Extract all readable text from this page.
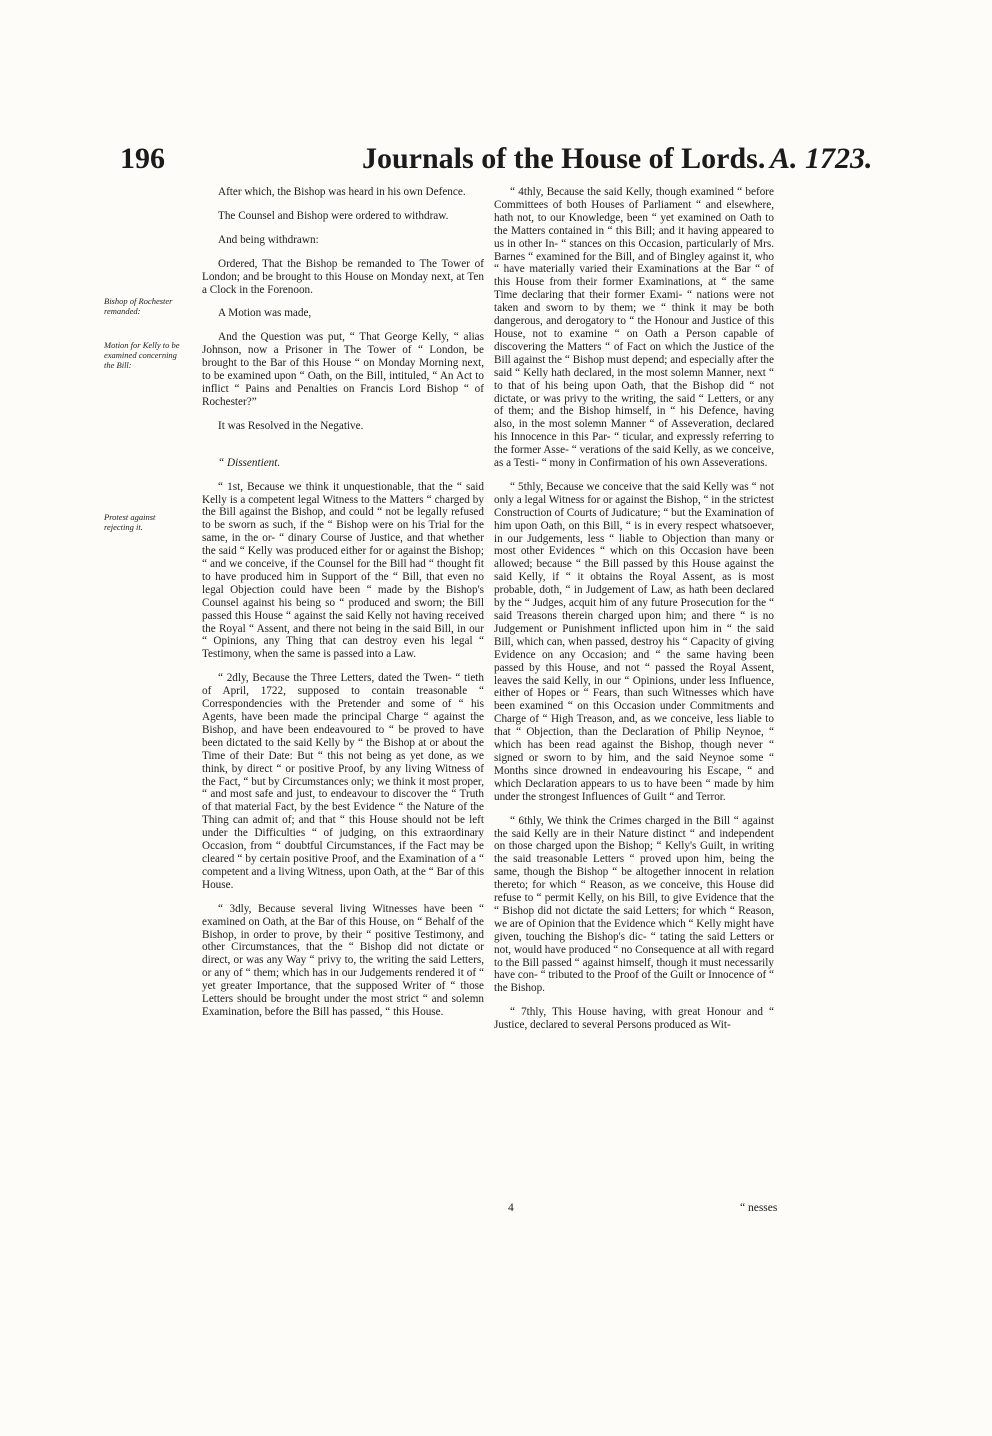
196	Journals of the House of Lords. A. 1723.
Bishop of Rochester remanded:
Motion for Kelly to be examined concerning the Bill:
Protest against rejecting it.

After which, the Bishop was heard in his own Defence.

The Counsel and Bishop were ordered to withdraw.

And being withdrawn:

Ordered, That the Bishop be remanded to The Tower of London; and be brought to this House on Monday next, at Ten a Clock in the Forenoon.

A Motion was made,

And the Question was put, “ That George Kelly, “ alias Johnson, now a Prisoner in The Tower of “ London, be brought to the Bar of this House “ on Monday Morning next, to be examined upon “ Oath, on the Bill, intituled, “ An Act to inflict “ Pains and Penalties on Francis Lord Bishop “ of Rochester?”

It was Resolved in the Negative.

“ Dissentient.

“ 1st, Because we think it unquestionable, that the “ said Kelly is a competent legal Witness to the Matters “ charged by the Bill against the Bishop, and could “ not be legally refused to be sworn as such, if the “ Bishop were on his Trial for the same, in the or- “ dinary Course of Justice, and that whether the said “ Kelly was produced either for or against the Bishop; “ and we conceive, if the Counsel for the Bill had “ thought fit to have produced him in Support of the “ Bill, that even no legal Objection could have been “ made by the Bishop's Counsel against his being so “ produced and sworn; the Bill passed this House “ against the said Kelly not having received the Royal “ Assent, and there not being in the said Bill, in our “ Opinions, any Thing that can destroy even his legal “ Testimony, when the same is passed into a Law.

“ 2dly, Because the Three Letters, dated the Twen- “ tieth of April, 1722, supposed to contain treasonable “ Correspondencies with the Pretender and some of “ his Agents, have been made the principal Charge “ against the Bishop, and have been endeavoured to “ be proved to have been dictated to the said Kelly by “ the Bishop at or about the Time of their Date: But “ this not being as yet done, as we think, by direct “ or positive Proof, by any living Witness of the Fact, “ but by Circumstances only; we think it most proper, “ and most safe and just, to endeavour to discover the “ Truth of that material Fact, by the best Evidence “ the Nature of the Thing can admit of; and that “ this House should not be left under the Difficulties “ of judging, on this extraordinary Occasion, from “ doubtful Circumstances, if the Fact may be cleared “ by certain positive Proof, and the Examination of a “ competent and a living Witness, upon Oath, at the “ Bar of this House.

“ 3dly, Because several living Witnesses have been “ examined on Oath, at the Bar of this House, on “ Behalf of the Bishop, in order to prove, by their “ positive Testimony, and other Circumstances, that the “ Bishop did not dictate or direct, or was any Way “ privy to, the writing the said Letters, or any of “ them; which has in our Judgements rendered it of “ yet greater Importance, that the supposed Writer of “ those Letters should be brought under the most strict “ and solemn Examination, before the Bill has passed, “ this House.

“ 4thly, Because the said Kelly, though examined “ before Committees of both Houses of Parliament “ and elsewhere, hath not, to our Knowledge, been “ yet examined on Oath to the Matters contained in “ this Bill; and it having appeared to us in other In- “ stances on this Occasion, particularly of Mrs. Barnes “ examined for the Bill, and of Bingley against it, who “ have materially varied their Examinations at the Bar “ of this House from their former Examinations, at “ the same Time declaring that their former Exami- “ nations were not taken and sworn to by them; we “ think it may be both dangerous, and derogatory to “ the Honour and Justice of this House, not to examine “ on Oath a Person capable of discovering the Matters “ of Fact on which the Justice of the Bill against the “ Bishop must depend; and especially after the said “ Kelly hath declared, in the most solemn Manner, next “ to that of his being upon Oath, that the Bishop did “ not dictate, or was privy to the writing, the said “ Letters, or any of them; and the Bishop himself, in “ his Defence, having also, in the most solemn Manner “ of Asseveration, declared his Innocence in this Par- “ ticular, and expressly referring to the former Asse- “ verations of the said Kelly, as we conceive, as a Testi- “ mony in Confirmation of his own Asseverations.

“ 5thly, Because we conceive that the said Kelly was “ not only a legal Witness for or against the Bishop, “ in the strictest Construction of Courts of Judicature; “ but the Examination of him upon Oath, on this Bill, “ is in every respect whatsoever, in our Judgements, less “ liable to Objection than many or most other Evidences “ which on this Occasion have been allowed; because “ the Bill passed by this House against the said Kelly, if “ it obtains the Royal Assent, as is most probable, doth, “ in Judgement of Law, as hath been declared by the “ Judges, acquit him of any future Prosecution for the “ said Treasons therein charged upon him; and there “ is no Judgement or Punishment inflicted upon him in “ the said Bill, which can, when passed, destroy his “ Capacity of giving Evidence on any Occasion; and “ the same having been passed by this House, and not “ passed the Royal Assent, leaves the said Kelly, in our “ Opinions, under less Influence, either of Hopes or “ Fears, than such Witnesses which have been examined “ on this Occasion under Commitments and Charge of “ High Treason, and, as we conceive, less liable to that “ Objection, than the Declaration of Philip Neynoe, “ which has been read against the Bishop, though never “ signed or sworn to by him, and the said Neynoe some “ Months since drowned in endeavouring his Escape, “ and which Declaration appears to us to have been “ made by him under the strongest Influences of Guilt “ and Terror.

“ 6thly, We think the Crimes charged in the Bill “ against the said Kelly are in their Nature distinct “ and independent on those charged upon the Bishop; “ Kelly's Guilt, in writing the said treasonable Letters “ proved upon him, being the same, though the Bishop “ be altogether innocent in relation thereto; for which “ Reason, as we conceive, this House did refuse to “ permit Kelly, on his Bill, to give Evidence that the “ Bishop did not dictate the said Letters; for which “ Reason, we are of Opinion that the Evidence which “ Kelly might have given, touching the Bishop's dic- “ tating the said Letters or not, would have produced “ no Consequence at all with regard to the Bill passed “ against himself, though it must necessarily have con- “ tributed to the Proof of the Guilt or Innocence of “ the Bishop.

“ 7thly, This House having, with great Honour and “ Justice, declared to several Persons produced as Wit-

4	“ nesses
